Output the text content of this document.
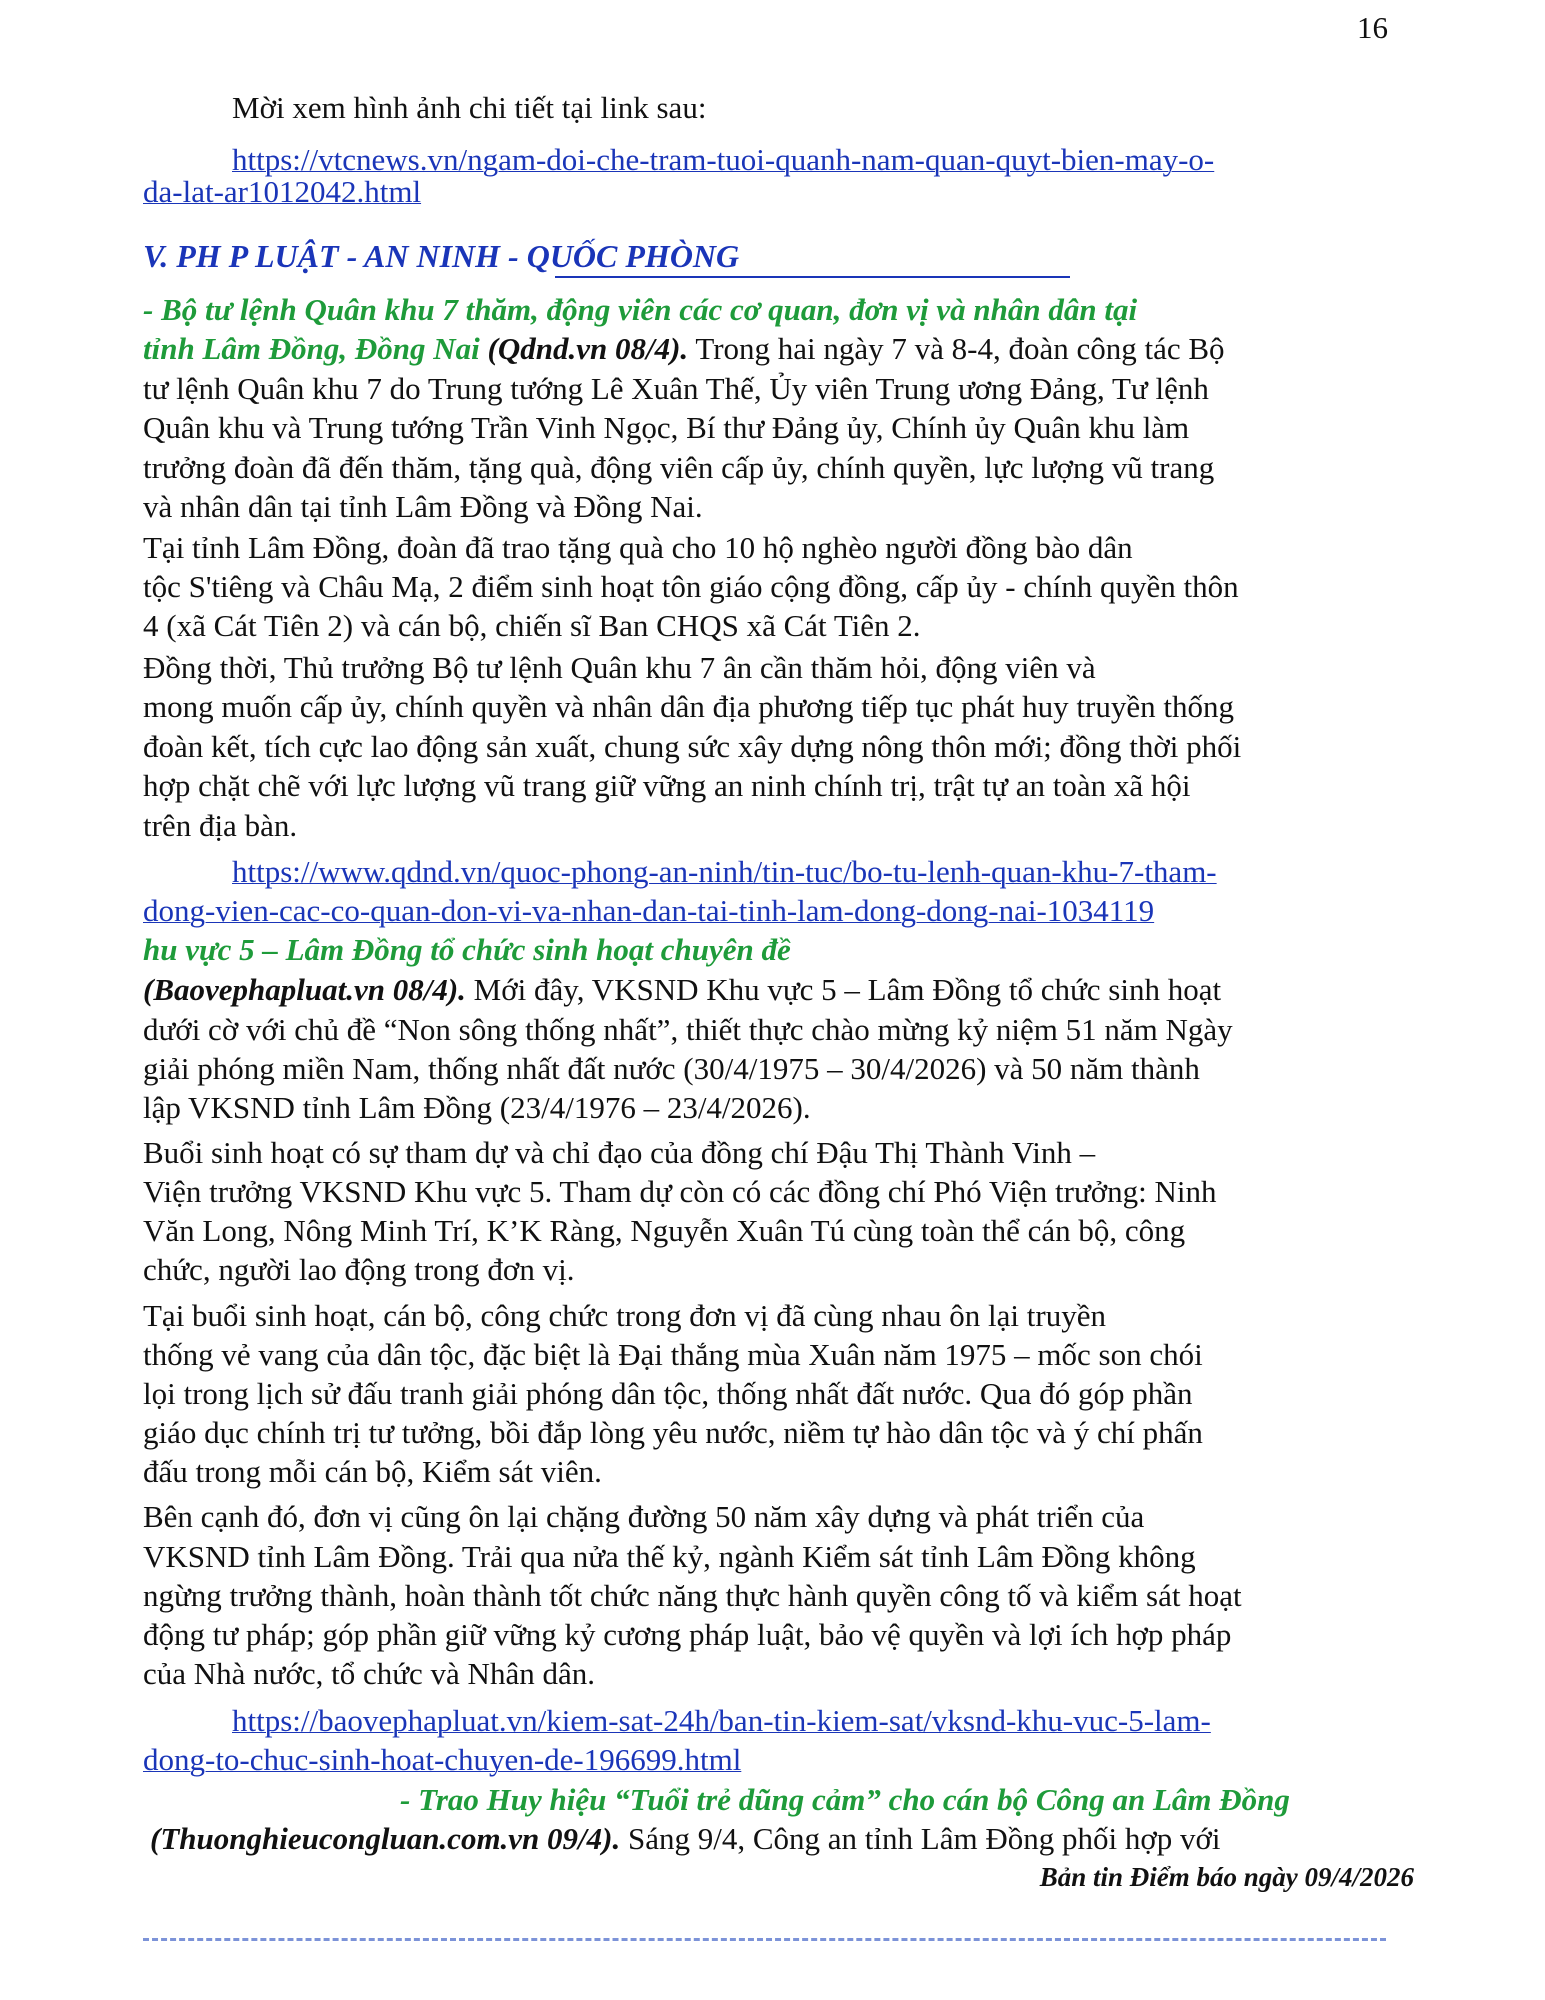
16
Mời xem hình ảnh chi tiết tại link sau:
https://vtcnews.vn/ngam-doi-che-tram-tuoi-quanh-nam-quan-quyt-bien-may-o-
da-lat-ar1012042.html
V. PH P LUẬT - AN NINH - QUỐC PHÒNG
- Bộ tư lệnh Quân khu 7 thăm, động viên các cơ quan, đơn vị và nhân dân tại
tỉnh Lâm Đồng, Đồng Nai (Qdnd.vn 08/4). Trong hai ngày 7 và 8-4, đoàn công tác Bộ
tư lệnh Quân khu 7 do Trung tướng Lê Xuân Thế, Ủy viên Trung ương Đảng, Tư lệnh
Quân khu và Trung tướng Trần Vinh Ngọc, Bí thư Đảng ủy, Chính ủy Quân khu làm
trưởng đoàn đã đến thăm, tặng quà, động viên cấp ủy, chính quyền, lực lượng vũ trang
và nhân dân tại tỉnh Lâm Đồng và Đồng Nai.
Tại tỉnh Lâm Đồng, đoàn đã trao tặng quà cho 10 hộ nghèo người đồng bào dân
tộc S'tiêng và Châu Mạ, 2 điểm sinh hoạt tôn giáo cộng đồng, cấp ủy - chính quyền thôn
4 (xã Cát Tiên 2) và cán bộ, chiến sĩ Ban CHQS xã Cát Tiên 2.
Đồng thời, Thủ trưởng Bộ tư lệnh Quân khu 7 ân cần thăm hỏi, động viên và
mong muốn cấp ủy, chính quyền và nhân dân địa phương tiếp tục phát huy truyền thống
đoàn kết, tích cực lao động sản xuất, chung sức xây dựng nông thôn mới; đồng thời phối
hợp chặt chẽ với lực lượng vũ trang giữ vững an ninh chính trị, trật tự an toàn xã hội
trên địa bàn.
https://www.qdnd.vn/quoc-phong-an-ninh/tin-tuc/bo-tu-lenh-quan-khu-7-tham-
dong-vien-cac-co-quan-don-vi-va-nhan-dan-tai-tinh-lam-dong-dong-nai-1034119
hu vực 5 – Lâm Đồng tổ chức sinh hoạt chuyên đề
(Baovephapluat.vn 08/4). Mới đây, VKSND Khu vực 5 – Lâm Đồng tổ chức sinh hoạt
dưới cờ với chủ đề “Non sông thống nhất”, thiết thực chào mừng kỷ niệm 51 năm Ngày
giải phóng miền Nam, thống nhất đất nước (30/4/1975 – 30/4/2026) và 50 năm thành
lập VKSND tỉnh Lâm Đồng (23/4/1976 – 23/4/2026).
Buổi sinh hoạt có sự tham dự và chỉ đạo của đồng chí Đậu Thị Thành Vinh –
Viện trưởng VKSND Khu vực 5. Tham dự còn có các đồng chí Phó Viện trưởng: Ninh
Văn Long, Nông Minh Trí, K’K Ràng, Nguyễn Xuân Tú cùng toàn thể cán bộ, công
chức, người lao động trong đơn vị.
Tại buổi sinh hoạt, cán bộ, công chức trong đơn vị đã cùng nhau ôn lại truyền
thống vẻ vang của dân tộc, đặc biệt là Đại thắng mùa Xuân năm 1975 – mốc son chói
lọi trong lịch sử đấu tranh giải phóng dân tộc, thống nhất đất nước. Qua đó góp phần
giáo dục chính trị tư tưởng, bồi đắp lòng yêu nước, niềm tự hào dân tộc và ý chí phấn
đấu trong mỗi cán bộ, Kiểm sát viên.
Bên cạnh đó, đơn vị cũng ôn lại chặng đường 50 năm xây dựng và phát triển của
VKSND tỉnh Lâm Đồng. Trải qua nửa thế kỷ, ngành Kiểm sát tỉnh Lâm Đồng không
ngừng trưởng thành, hoàn thành tốt chức năng thực hành quyền công tố và kiểm sát hoạt
động tư pháp; góp phần giữ vững kỷ cương pháp luật, bảo vệ quyền và lợi ích hợp pháp
của Nhà nước, tổ chức và Nhân dân.
https://baovephapluat.vn/kiem-sat-24h/ban-tin-kiem-sat/vksnd-khu-vuc-5-lam-
dong-to-chuc-sinh-hoat-chuyen-de-196699.html
- Trao Huy hiệu “Tuổi trẻ dũng cảm” cho cán bộ Công an Lâm Đồng
(Thuonghieucongluan.com.vn 09/4). Sáng 9/4, Công an tỉnh Lâm Đồng phối hợp với
Bản tin Điểm báo ngày 09/4/2026
